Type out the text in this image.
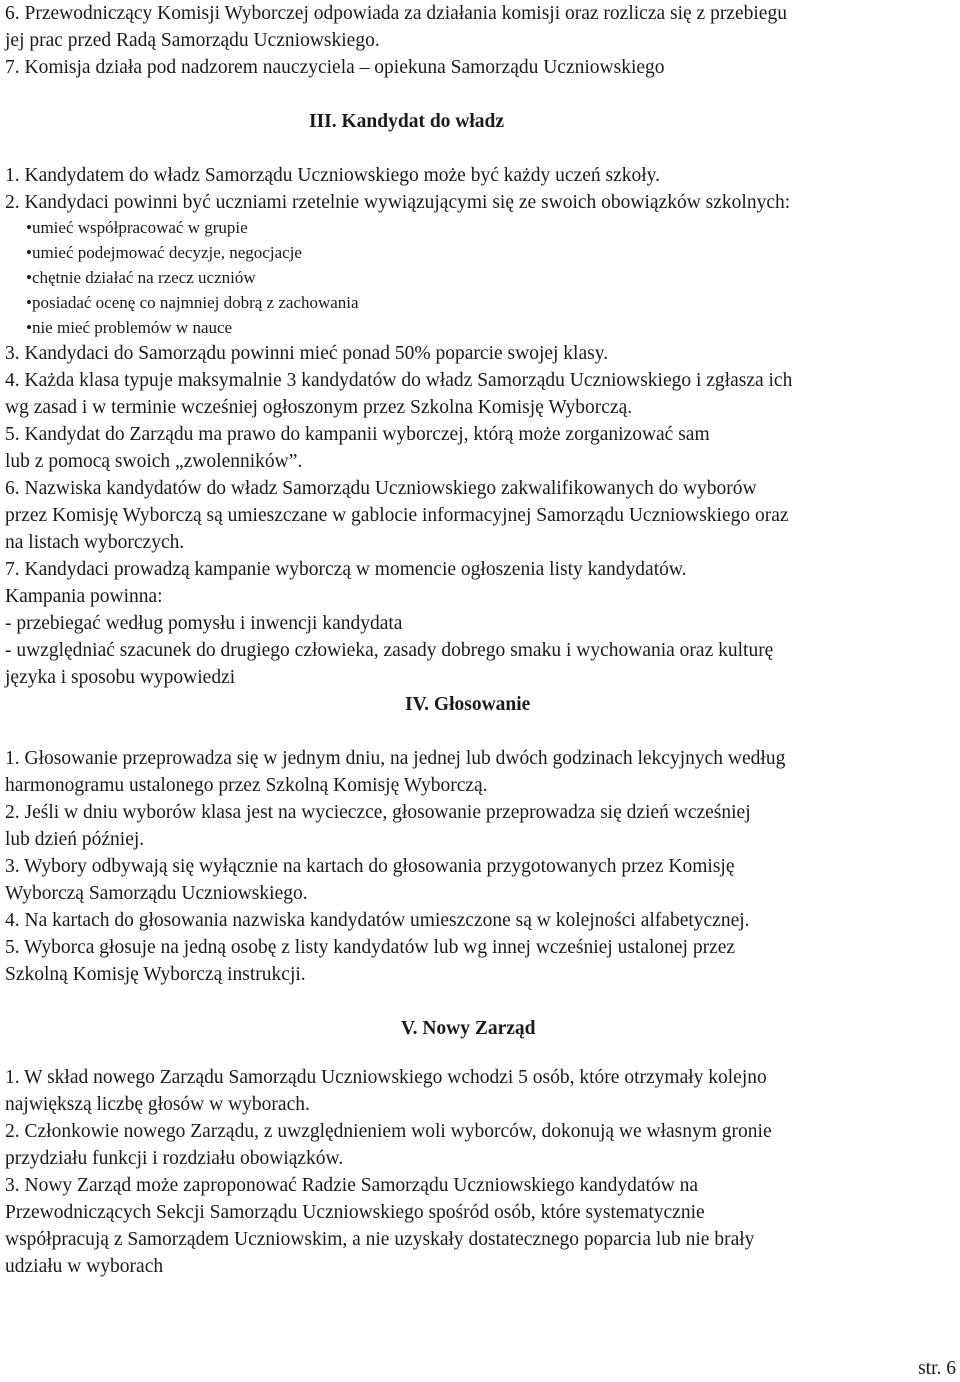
6. Przewodniczący Komisji Wyborczej odpowiada za działania komisji oraz rozlicza się z przebiegu
jej prac przed Radą Samorządu Uczniowskiego.
7. Komisja działa pod nadzorem nauczyciela – opiekuna Samorządu Uczniowskiego
III. Kandydat do władz
1. Kandydatem do władz Samorządu Uczniowskiego może być każdy uczeń szkoły.
2. Kandydaci powinni być uczniami rzetelnie wywiązującymi się ze swoich obowiązków szkolnych:
•umieć współpracować w grupie
•umieć podejmować decyzje, negocjacje
•chętnie działać na rzecz uczniów
•posiadać ocenę co najmniej dobrą z zachowania
•nie mieć problemów w nauce
3. Kandydaci do Samorządu powinni mieć ponad 50% poparcie swojej klasy.
4. Każda klasa typuje maksymalnie 3 kandydatów do władz Samorządu Uczniowskiego i zgłasza ich
wg zasad i w terminie wcześniej ogłoszonym przez Szkolna Komisję Wyborczą.
5. Kandydat do Zarządu ma prawo do kampanii wyborczej, którą może zorganizować sam
lub z pomocą swoich „zwolenników”.
6. Nazwiska kandydatów do władz Samorządu Uczniowskiego zakwalifikowanych do wyborów
przez Komisję Wyborczą są umieszczane w gablocie informacyjnej Samorządu Uczniowskiego oraz
na listach wyborczych.
7. Kandydaci prowadzą kampanie wyborczą w momencie ogłoszenia listy kandydatów.
Kampania powinna:
- przebiegać według pomysłu i inwencji kandydata
- uwzględniać szacunek do drugiego człowieka, zasady dobrego smaku i wychowania oraz kulturę
języka i sposobu wypowiedzi
IV. Głosowanie
1. Głosowanie przeprowadza się w jednym dniu, na jednej lub dwóch godzinach lekcyjnych według
harmonogramu ustalonego przez Szkolną Komisję Wyborczą.
2. Jeśli w dniu wyborów klasa jest na wycieczce, głosowanie przeprowadza się dzień wcześniej
lub dzień później.
3. Wybory odbywają się wyłącznie na kartach do głosowania przygotowanych przez Komisję
Wyborczą Samorządu Uczniowskiego.
4. Na kartach do głosowania nazwiska kandydatów umieszczone są w kolejności alfabetycznej.
5. Wyborca głosuje na jedną osobę z listy kandydatów lub wg innej wcześniej ustalonej przez
Szkolną Komisję Wyborczą instrukcji.
V. Nowy Zarząd
1. W skład nowego Zarządu Samorządu Uczniowskiego wchodzi 5 osób, które otrzymały kolejno
największą liczbę głosów w wyborach.
2. Członkowie nowego Zarządu, z uwzględnieniem woli wyborców, dokonują we własnym gronie
przydziału funkcji i rozdziału obowiązków.
3. Nowy Zarząd może zaproponować Radzie Samorządu Uczniowskiego kandydatów na
Przewodniczących Sekcji Samorządu Uczniowskiego spośród osób, które systematycznie
współpracują z Samorządem Uczniowskim, a nie uzyskały dostatecznego poparcia lub nie brały
udziału w wyborach
str. 6
